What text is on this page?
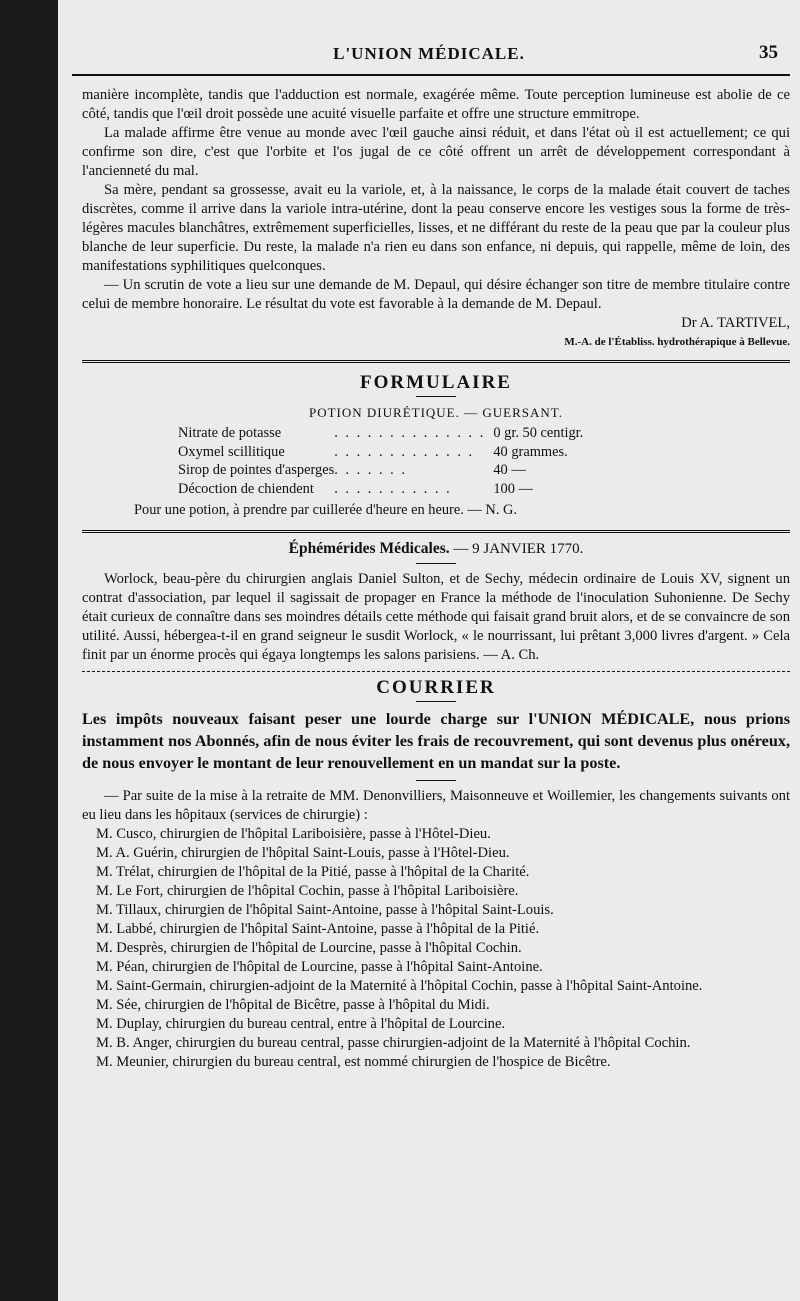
L'UNION MÉDICALE.	35

manière incomplète, tandis que l'adduction est normale, exagérée même. Toute perception lumineuse est abolie de ce côté, tandis que l'œil droit possède une acuité visuelle parfaite et offre une structure emmitrope.

La malade affirme être venue au monde avec l'œil gauche ainsi réduit, et dans l'état où il est actuellement; ce qui confirme son dire, c'est que l'orbite et l'os jugal de ce côté offrent un arrêt de développement correspondant à l'ancienneté du mal.

Sa mère, pendant sa grossesse, avait eu la variole, et, à la naissance, le corps de la malade était couvert de taches discrètes, comme il arrive dans la variole intra-utérine, dont la peau conserve encore les vestiges sous la forme de très-légères macules blanchâtres, extrêmement superficielles, lisses, et ne différant du reste de la peau que par la couleur plus blanche de leur superficie. Du reste, la malade n'a rien eu dans son enfance, ni depuis, qui rappelle, même de loin, des manifestations syphilitiques quelconques.

— Un scrutin de vote a lieu sur une demande de M. Depaul, qui désire échanger son titre de membre titulaire contre celui de membre honoraire. Le résultat du vote est favorable à la demande de M. Depaul.

Dr A. TARTIVEL,

M.-A. de l'Établiss. hydrothérapique à Bellevue.

FORMULAIRE
POTION DIURÉTIQUE. — GUERSANT.
Nitrate de potasse	. . . . . . . . . . . . . .	0 gr. 50 centigr.
Oxymel scillitique	. . . . . . . . . . . . .	40 grammes.
Sirop de pointes d'asperges	. . . . . . .	40 —
Décoction de chiendent	. . . . . . . . . . .	100 —
Pour une potion, à prendre par cuillerée d'heure en heure. — N. G.
Éphémérides Médicales. — 9 JANVIER 1770.

Worlock, beau-père du chirurgien anglais Daniel Sulton, et de Sechy, médecin ordinaire de Louis XV, signent un contrat d'association, par lequel il sagissait de propager en France la méthode de l'inoculation Suhonienne. De Sechy était curieux de connaître dans ses moindres détails cette méthode qui faisait grand bruit alors, et de se convaincre de son utilité. Aussi, hébergea-t-il en grand seigneur le susdit Worlock, « le nourrissant, lui prêtant 3,000 livres d'argent. » Cela finit par un énorme procès qui égaya longtemps les salons parisiens. — A. Ch.

COURRIER

Les impôts nouveaux faisant peser une lourde charge sur l'UNION MÉDICALE, nous prions instamment nos Abonnés, afin de nous éviter les frais de recouvrement, qui sont devenus plus onéreux, de nous envoyer le montant de leur renouvellement en un mandat sur la poste.

— Par suite de la mise à la retraite de MM. Denonvilliers, Maisonneuve et Woillemier, les changements suivants ont eu lieu dans les hôpitaux (services de chirurgie) :

M. Cusco, chirurgien de l'hôpital Lariboisière, passe à l'Hôtel-Dieu.

M. A. Guérin, chirurgien de l'hôpital Saint-Louis, passe à l'Hôtel-Dieu.

M. Trélat, chirurgien de l'hôpital de la Pitié, passe à l'hôpital de la Charité.

M. Le Fort, chirurgien de l'hôpital Cochin, passe à l'hôpital Lariboisière.

M. Tillaux, chirurgien de l'hôpital Saint-Antoine, passe à l'hôpital Saint-Louis.

M. Labbé, chirurgien de l'hôpital Saint-Antoine, passe à l'hôpital de la Pitié.

M. Desprès, chirurgien de l'hôpital de Lourcine, passe à l'hôpital Cochin.

M. Péan, chirurgien de l'hôpital de Lourcine, passe à l'hôpital Saint-Antoine.

M. Saint-Germain, chirurgien-adjoint de la Maternité à l'hôpital Cochin, passe à l'hôpital Saint-Antoine.

M. Sée, chirurgien de l'hôpital de Bicêtre, passe à l'hôpital du Midi.

M. Duplay, chirurgien du bureau central, entre à l'hôpital de Lourcine.

M. B. Anger, chirurgien du bureau central, passe chirurgien-adjoint de la Maternité à l'hôpital Cochin.

M. Meunier, chirurgien du bureau central, est nommé chirurgien de l'hospice de Bicêtre.
